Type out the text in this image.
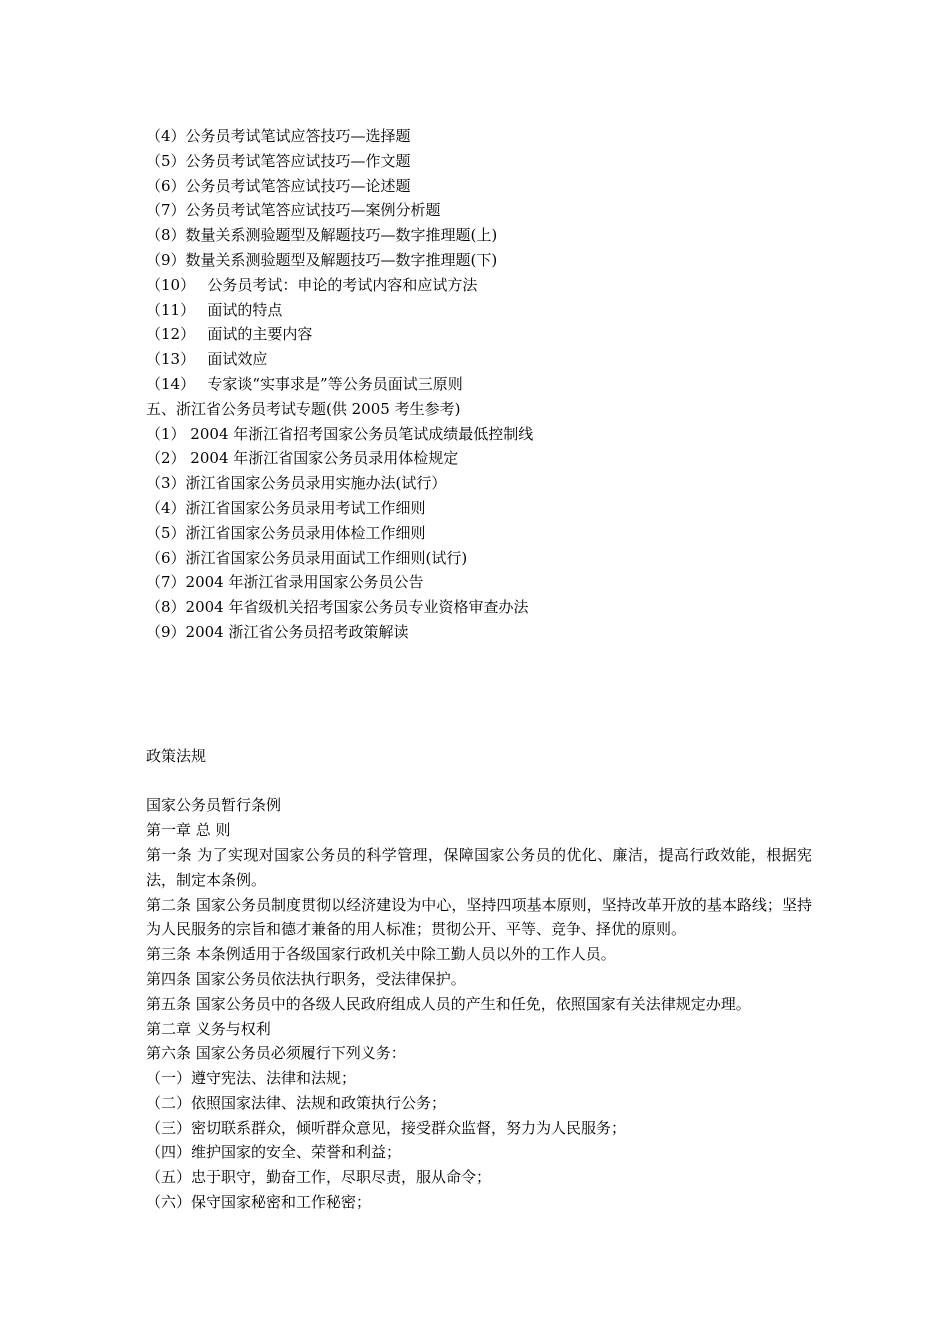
（4）公务员考试笔试应答技巧—选择题
（5）公务员考试笔答应试技巧—作文题
（6）公务员考试笔答应试技巧—论述题
（7）公务员考试笔答应试技巧—案例分析题
（8）数量关系测验题型及解题技巧—数字推理题(上)
（9）数量关系测验题型及解题技巧—数字推理题(下)
（10）　 公务员考试：申论的考试内容和应试方法
（11）　 面试的特点
（12）　 面试的主要内容
（13）　 面试效应
（14）　 专家谈“实事求是”等公务员面试三原则
五、浙江省公务员考试专题(供 2005 考生参考)
（1） 2004 年浙江省招考国家公务员笔试成绩最低控制线
（2） 2004 年浙江省国家公务员录用体检规定
（3）浙江省国家公务员录用实施办法(试行）
（4）浙江省国家公务员录用考试工作细则
（5）浙江省国家公务员录用体检工作细则
（6）浙江省国家公务员录用面试工作细则(试行)
（7）2004 年浙江省录用国家公务员公告
（8）2004 年省级机关招考国家公务员专业资格审查办法
（9）2004 浙江省公务员招考政策解读
政策法规
国家公务员暂行条例
第一章 总 则
第一条 为了实现对国家公务员的科学管理，保障国家公务员的优化、廉洁，提高行政效能，根据宪法，制定本条例。
第二条 国家公务员制度贯彻以经济建设为中心，坚持四项基本原则，坚持改革开放的基本路线；坚持为人民服务的宗旨和德才兼备的用人标准；贯彻公开、平等、竞争、择优的原则。
第三条 本条例适用于各级国家行政机关中除工勤人员以外的工作人员。
第四条 国家公务员依法执行职务，受法律保护。
第五条 国家公务员中的各级人民政府组成人员的产生和任免，依照国家有关法律规定办理。
第二章 义务与权利
第六条 国家公务员必须履行下列义务：
（一）遵守宪法、法律和法规；
（二）依照国家法律、法规和政策执行公务；
（三）密切联系群众，倾听群众意见，接受群众监督，努力为人民服务；
（四）维护国家的安全、荣誉和利益；
（五）忠于职守，勤奋工作，尽职尽责，服从命令；
（六）保守国家秘密和工作秘密；
